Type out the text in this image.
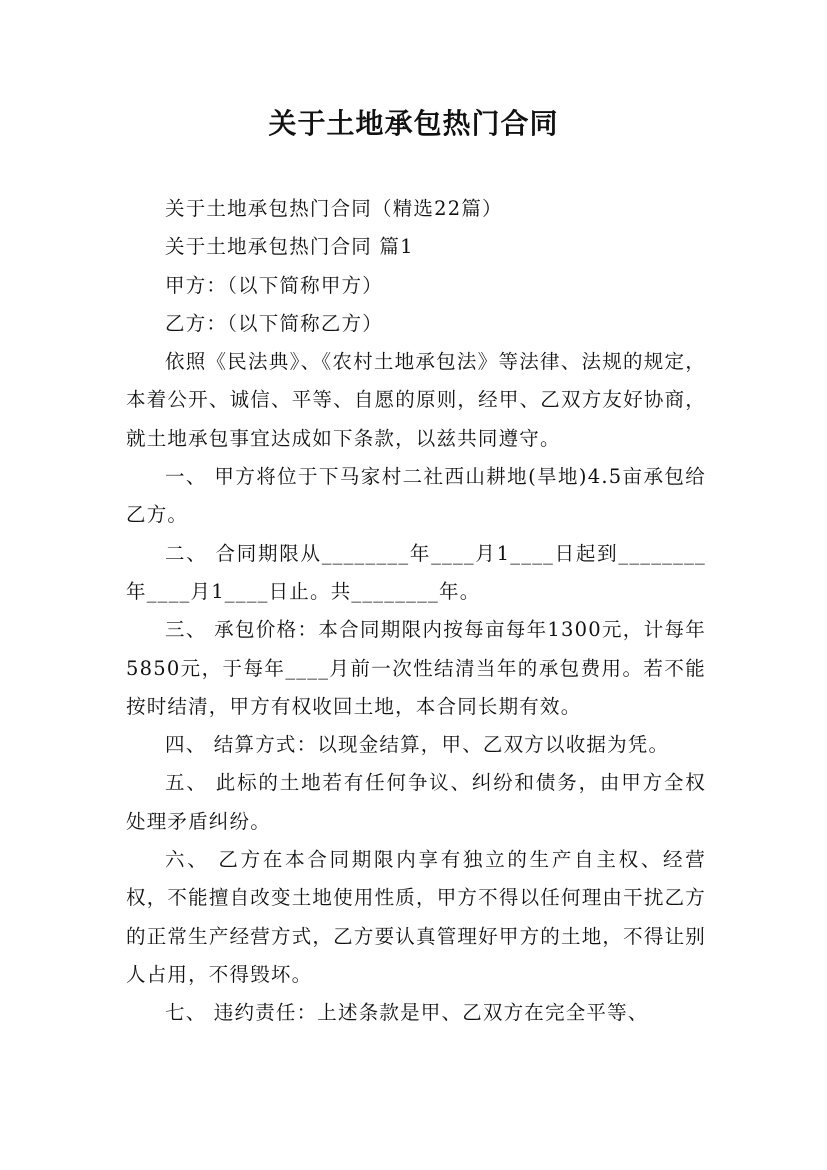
关于土地承包热门合同

关于土地承包热门合同（精选22篇）

关于土地承包热门合同 篇1

甲方：（以下简称甲方）

乙方：（以下简称乙方）

依照《民法典》、《农村土地承包法》等法律、法规的规定，本着公开、诚信、平等、自愿的原则，经甲、乙双方友好协商，就土地承包事宜达成如下条款，以兹共同遵守。

一、 甲方将位于下马家村二社西山耕地(旱地)4.5亩承包给乙方。

二、 合同期限从________年____月1____日起到________年____月1____日止。共________年。

三、 承包价格：本合同期限内按每亩每年1300元，计每年5850元，于每年____月前一次性结清当年的承包费用。若不能按时结清，甲方有权收回土地，本合同长期有效。

四、 结算方式：以现金结算，甲、乙双方以收据为凭。

五、 此标的土地若有任何争议、纠纷和债务，由甲方全权处理矛盾纠纷。

六、 乙方在本合同期限内享有独立的生产自主权、经营权，不能擅自改变土地使用性质，甲方不得以任何理由干扰乙方的正常生产经营方式，乙方要认真管理好甲方的土地，不得让别人占用，不得毁坏。

七、 违约责任：上述条款是甲、乙双方在完全平等、
